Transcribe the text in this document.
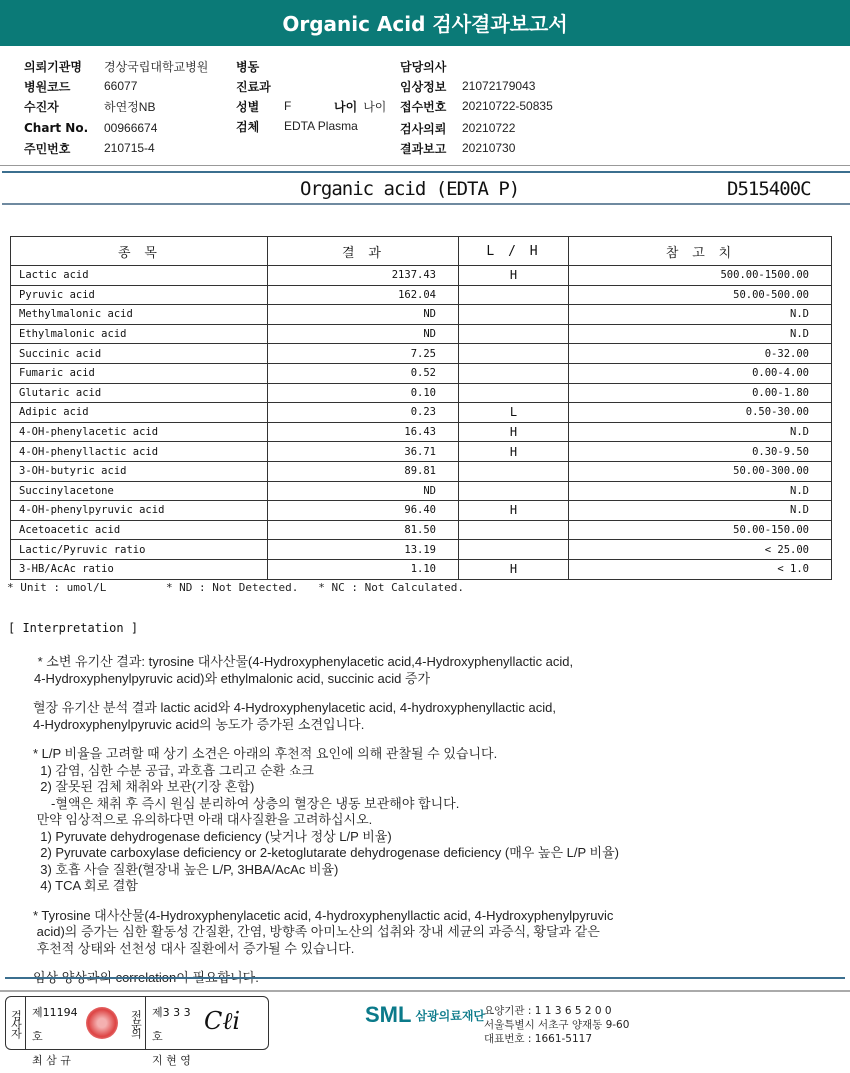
Organic Acid 검사결과보고서
의뢰기관명	경상국립대학교병원
병원코드	66077
수진자	하연정NB
Chart No.	00966674
주민번호	210715-4
병동
진료과
성별	F	나이 나이
검체	EDTA Plasma
담당의사
임상정보	21072179043
접수번호	20210722-50835
검사의뢰	20210722
결과보고	20210730
Organic acid (EDTA P)	D515400C
종 목	결 과	L / H	참 고 치
Lactic acid	2137.43	H	500.00-1500.00
Pyruvic acid	162.04		50.00-500.00
Methylmalonic acid	ND		N.D
Ethylmalonic acid	ND		N.D
Succinic acid	7.25		0-32.00
Fumaric acid	0.52		0.00-4.00
Glutaric acid	0.10		0.00-1.80
Adipic acid	0.23	L	0.50-30.00
4-OH-phenylacetic acid	16.43	H	N.D
4-OH-phenyllactic acid	36.71	H	0.30-9.50
3-OH-butyric acid	89.81		50.00-300.00
Succinylacetone	ND		N.D
4-OH-phenylpyruvic acid	96.40	H	N.D
Acetoacetic acid	81.50		50.00-150.00
Lactic/Pyruvic ratio	13.19		< 25.00
3-HB/AcAc ratio	1.10	H	< 1.0
* Unit : umol/L         * ND : Not Detected.   * NC : Not Calculated.
[ Interpretation ]

* 소변 유기산 결과: tyrosine 대사산물(4-Hydroxyphenylacetic acid,4-Hydroxyphenyllactic acid,

4-Hydroxyphenylpyruvic acid)와 ethylmalonic acid, succinic acid 증가

혈장 유기산 분석 결과 lactic acid와 4-Hydroxyphenylacetic acid, 4-hydroxyphenyllactic acid,

4-Hydroxyphenylpyruvic acid의 농도가 증가된 소견입니다.

* L/P 비율을 고려할 때 상기 소견은 아래의 후천적 요인에 의해 관찰될 수 있습니다.

1) 감염, 심한 수분 공급, 과호흡 그리고 순환 쇼크

2) 잘못된 검체 채취와 보관(기장 혼합)

-혈액은 채취 후 즉시 원심 분리하여 상층의 혈장은 냉동 보관해야 합니다.

만약 임상적으로 유의하다면 아래 대사질환을 고려하십시오.

1) Pyruvate dehydrogenase deficiency (낮거나 정상 L/P 비율)

2) Pyruvate carboxylase deficiency or 2-ketoglutarate dehydrogenase deficiency (매우 높은 L/P 비율)

3) 호흡 사슬 질환(혈장내 높은 L/P, 3HBA/AcAc 비율)

4) TCA 회로 결함

* Tyrosine 대사산물(4-Hydroxyphenylacetic acid, 4-hydroxyphenyllactic acid, 4-Hydroxyphenylpyruvic

acid)의 증가는 심한 활동성 간질환, 간염, 방향족 아미노산의 섭취와 장내 세균의 과증식, 황달과 같은

후천적 상태와 선천성 대사 질환에서 증가될 수 있습니다.

임상 양상과의 correlation이 필요합니다.

검사자 제11194호
최 삼 규
전문의 제3 3 3 호
지 현 영
Cℓi	SML 삼광의료재단
요양기관 : 1 1 3 6 5 2 0 0
서울특별시 서초구 양재동 9-60
대표번호 : 1661-5117
